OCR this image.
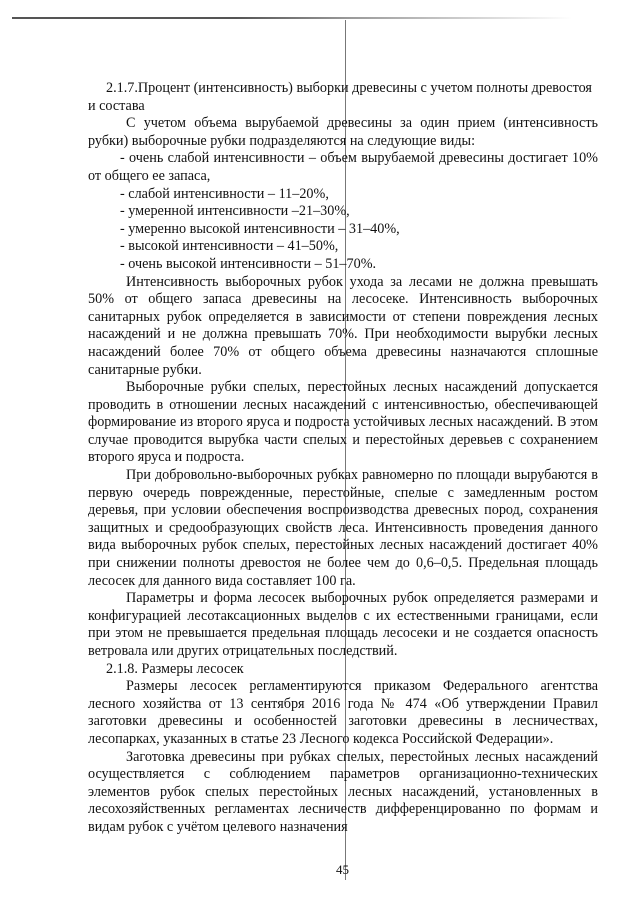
2.1.7.Процент (интенсивность) выборки древесины с учетом полноты древостоя и состава

С учетом объема вырубаемой древесины за один прием (интенсивность рубки) выборочные рубки подразделяются на следующие виды:

- очень слабой интенсивности – объем вырубаемой древесины достигает 10% от общего ее запаса,

- слабой интенсивности – 11–20%,

- умеренной интенсивности –21–30%,

- умеренно высокой интенсивности – 31–40%,

- высокой интенсивности – 41–50%,

- очень высокой интенсивности – 51–70%.

Интенсивность выборочных рубок ухода за лесами не должна превышать 50% от общего запаса древесины на лесосеке. Интенсивность выборочных санитарных рубок определяется в зависимости от степени повреждения лесных насаждений и не должна превышать 70%. При необходимости вырубки лесных насаждений более 70% от общего объема древесины назначаются сплошные санитарные рубки.

Выборочные рубки спелых, перестойных лесных насаждений допускается проводить в отношении лесных насаждений с интенсивностью, обеспечивающей формирование из второго яруса и подроста устойчивых лесных насаждений. В этом случае проводится вырубка части спелых и перестойных деревьев с сохранением второго яруса и подроста.

При добровольно-выборочных рубках равномерно по площади вырубаются в первую очередь поврежденные, перестойные, спелые с замедленным ростом деревья, при условии обеспечения воспроизводства древесных пород, сохранения защитных и средообразующих свойств леса. Интенсивность проведения данного вида выборочных рубок спелых, перестойных лесных насаждений достигает 40% при снижении полноты древостоя не более чем до 0,6–0,5. Предельная площадь лесосек для данного вида составляет 100 га.

Параметры и форма лесосек выборочных рубок определяется размерами и конфигурацией лесотаксационных выделов с их естественными границами, если при этом не превышается предельная площадь лесосеки и не создается опасность ветровала или других отрицательных последствий.

2.1.8. Размеры лесосек

Размеры лесосек регламентируются приказом Федерального агентства лесного хозяйства от 13 сентября 2016 года № 474 «Об утверждении Правил заготовки древесины и особенностей заготовки древесины в лесничествах, лесопарках, указанных в статье 23 Лесного кодекса Российской Федерации».

Заготовка древесины при рубках спелых, перестойных лесных насаждений осуществляется с соблюдением параметров организационно-технических элементов рубок спелых перестойных лесных насаждений, установленных в лесохозяйственных регламентах лесничеств дифференцированно по формам и видам рубок с учётом целевого назначения

45
